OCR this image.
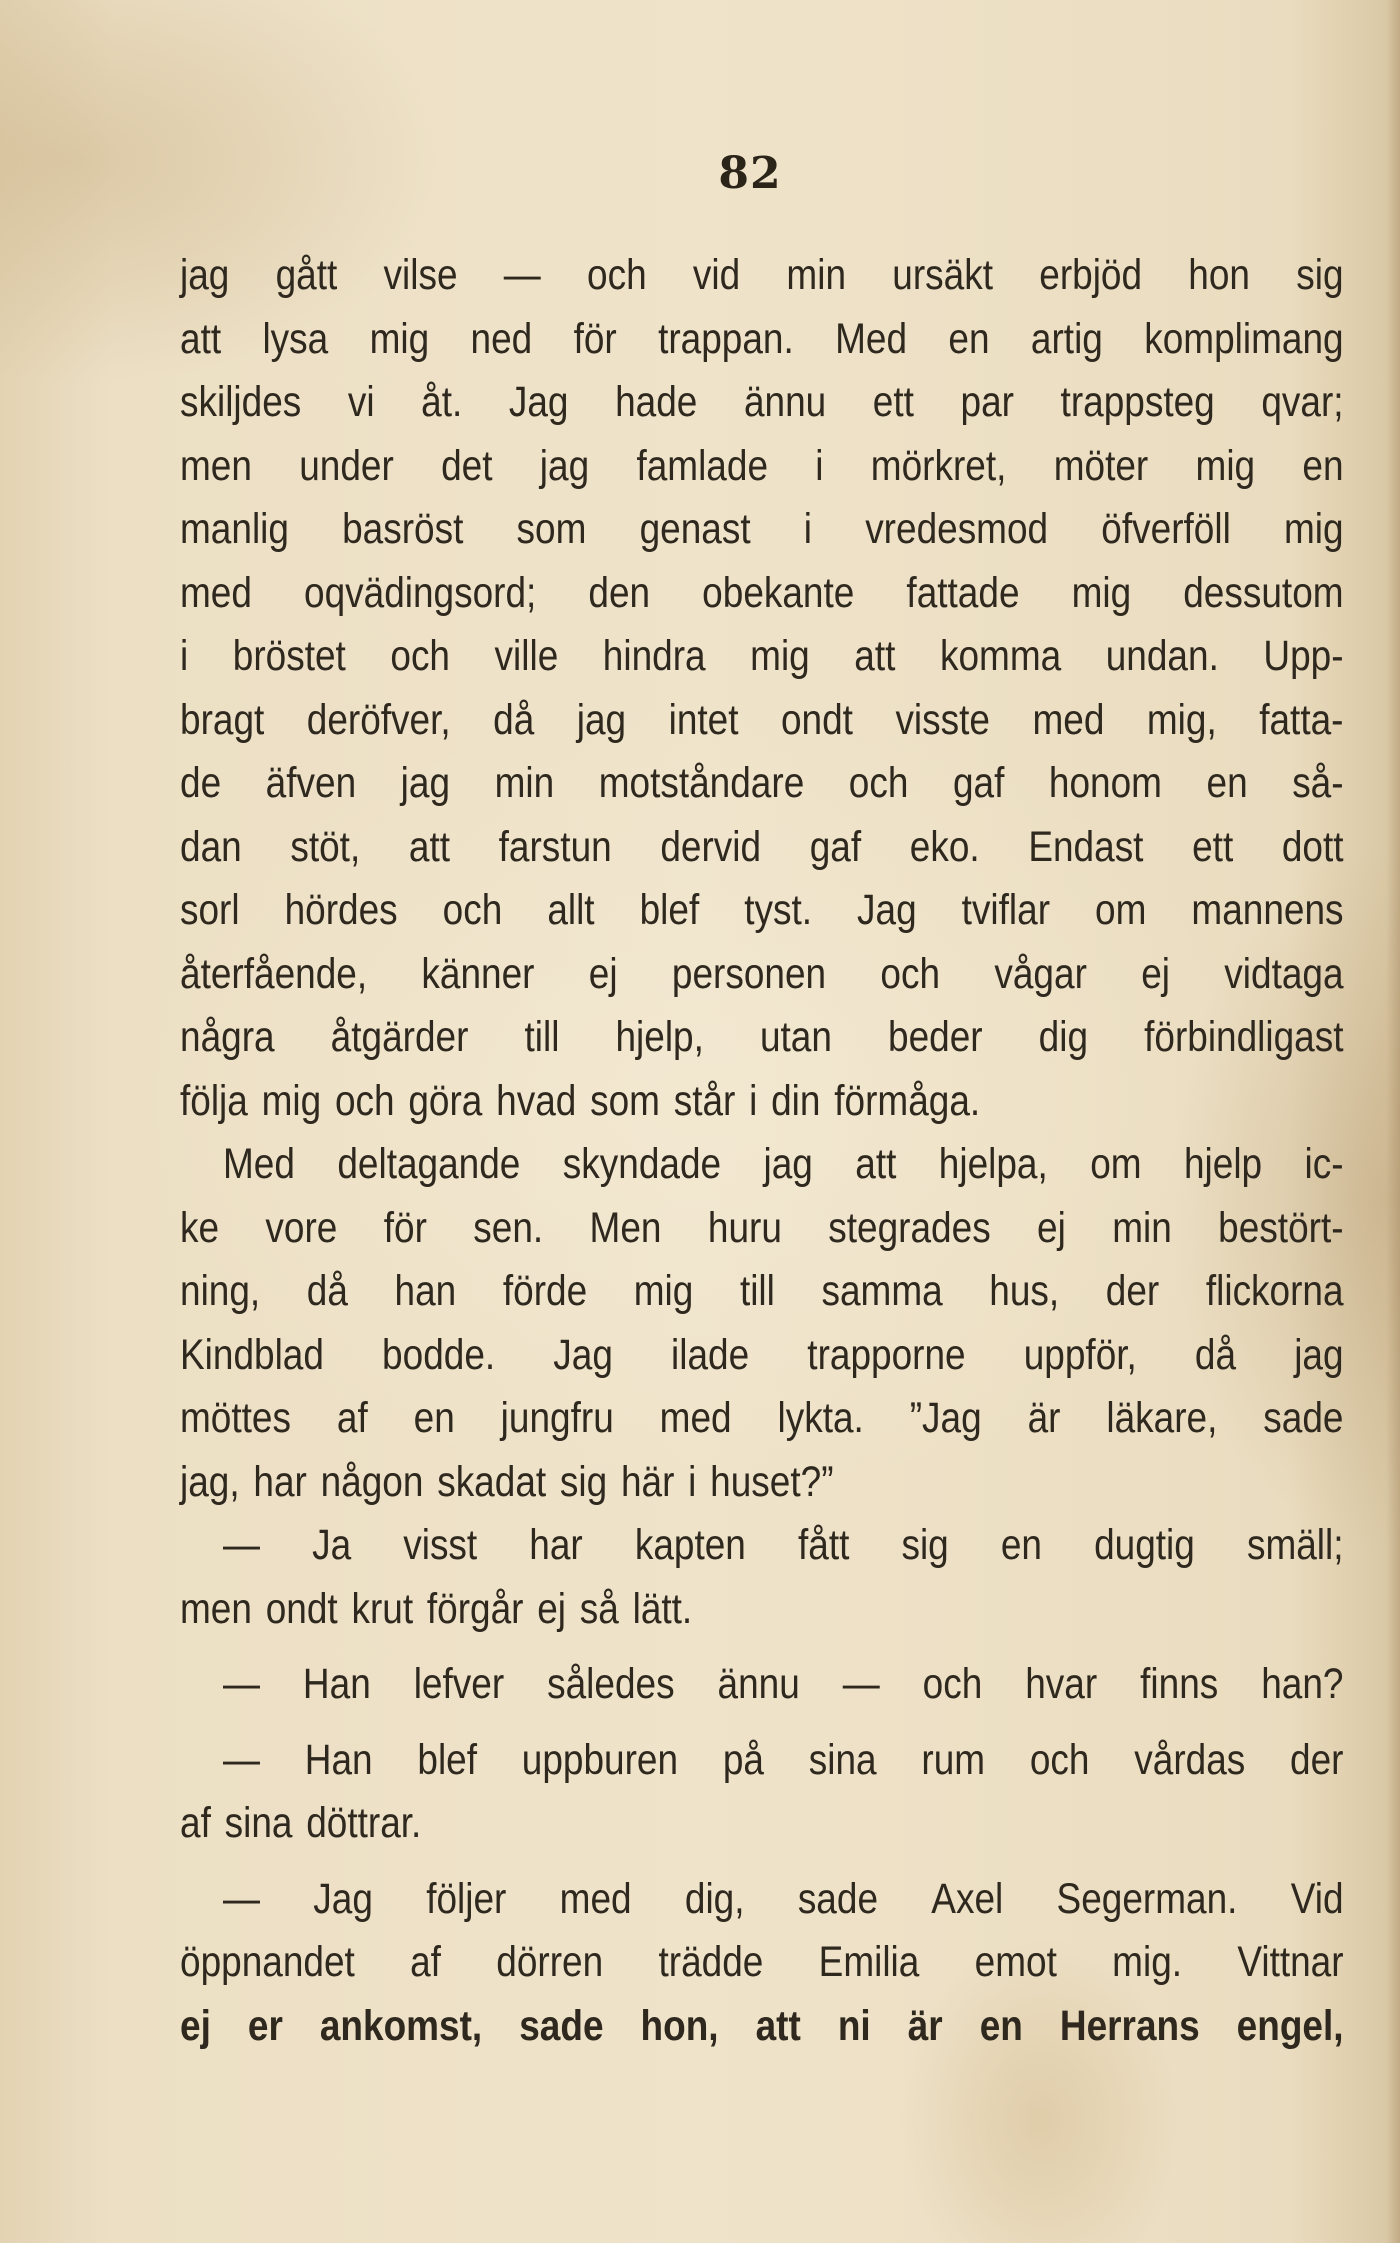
82
jag gått vilse — och vid min ursäkt erbjöd hon sig
att lysa mig ned för trappan. Med en artig komplimang
skiljdes vi åt. Jag hade ännu ett par trappsteg qvar;
men under det jag famlade i mörkret, möter mig en
manlig basröst som genast i vredesmod öfverföll mig
med oqvädingsord; den obekante fattade mig dessutom
i bröstet och ville hindra mig att komma undan. Upp-
bragt deröfver, då jag intet ondt visste med mig, fatta-
de äfven jag min motståndare och gaf honom en så-
dan stöt, att farstun dervid gaf eko. Endast ett dott
sorl hördes och allt blef tyst. Jag tviflar om mannens
återfående, känner ej personen och vågar ej vidtaga
några åtgärder till hjelp, utan beder dig förbindligast
följa mig och göra hvad som står i din förmåga.
Med deltagande skyndade jag att hjelpa, om hjelp ic-
ke vore för sen. Men huru stegrades ej min bestört-
ning, då han förde mig till samma hus, der flickorna
Kindblad bodde. Jag ilade trapporne uppför, då jag
möttes af en jungfru med lykta. ”Jag är läkare, sade
jag, har någon skadat sig här i huset?”
— Ja visst har kapten fått sig en dugtig smäll;
men ondt krut förgår ej så lätt.
— Han lefver således ännu — och hvar finns han?
— Han blef uppburen på sina rum och vårdas der
af sina döttrar.
— Jag följer med dig, sade Axel Segerman. Vid
öppnandet af dörren trädde Emilia emot mig. Vittnar
ej er ankomst, sade hon, att ni är en Herrans engel,
